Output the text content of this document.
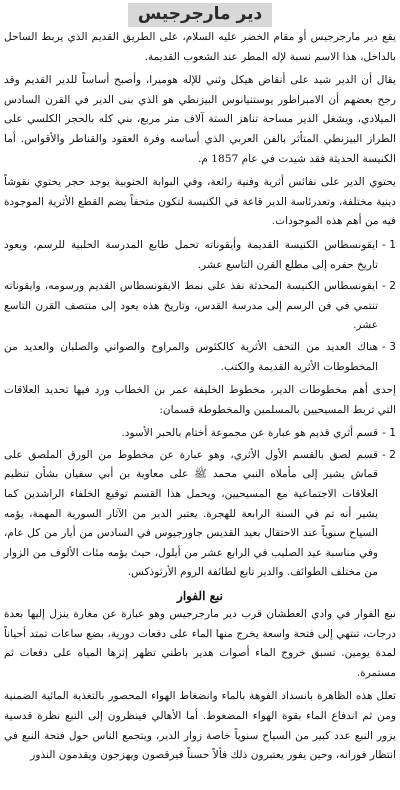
دير مارجرجيس

يقع دير مارجرجيس أو مقام الخضر عليه السلام، على الطريق القديم الذي يربط الساحل بالداخل، هذا الاسم نسبة لإله المطر عند الشعوب القديمة.

يقال أن الدير شيد على أنقاض هيكل وثني للإله هوميرا، وأصبح أساساً للدير القديم وقد رجح بعضهم أن الامبراطور يوستنيانوس البيزنطي هو الذي بنى الدير في القرن السادس الميلادي، ويشغل الدير مساحة تناهز الستة آلاف متر مربع، بني كله بالحجر الكلسي على الطراز البيزنطي المتأثر بالفن العربي الذي أساسه وفرة العقود والقناطر والأقواس. أما الكنيسة الحديثة فقد شيدت في عام 1857 م.

يحتوي الدير على نفائس أثرية وفنية رائعة، وفي البوابة الجنوبية يوجد حجر يحتوي نقوشاً دينية مختلفة، وتعدرئاسة الدير قاعة في الكنيسة لتكون متحفاً يضم القطع الأثرية الموجودة فيه من أهم هذه الموجودات.

1 -
ايقونسطاس الكنيسة القديمة وأيقوناته تحمل طابع المدرسة الحلبية للرسم، ويعود تاريخ حفره إلى مطلع القرن التاسع عشر.
2 -
ايقونسطاس الكنيسة المحدثة نفذ على نمط الايقونسطاس القديم ورسومه، وايقوناته تنتمي في فن الرسم إلى مدرسة القدس، وتاريخ هذه يعود إلى منتصف القرن التاسع عشر.
3 -
هناك العديد من التحف الأثرية كالكئوس والمراوح والصواني والصلبان والعديد من المخطوطات الأثرية القديمة والكتب.

إحدى أهم مخطوطات الدير، مخطوط الخليفة عمر بن الخطاب ورد فيها تحديد العلاقات التي تربط المسيحيين بالمسلمين والمخطوطة قسمان:

1 -
قسم أثري قديم هو عبارة عن مجموعة أختام بالحبر الأسود.
2 -
قسم لصق بالقسم الأول الأثري، وهو عبارة عن مخطوط من الورق الملصق على قماش يشير إلى مأملاه النبي محمد ﷺ على معاوية بن أبي سفيان بشأن تنظيم العلاقات الاجتماعية مع المسيحيين، ويحمل هذا القسم توقيع الخلفاء الراشدين كما يشير أنه تم في السنة الرابعة للهجرة. يعتبر الدير من الآثار السورية المهمة، يؤمه السياح سنوياً عند الاحتفال بعيد القديس جاورجيوس في السادس من أيار من كل عام، وفي مناسبة عيد الصليب في الرابع عشر من أيلول، حيث يؤمه مئات الألوف من الزوار من مختلف الطوائف. والدير تابع لطائفة الروم الأرثوذكس.
نبع الفوار

نبع الفوار في وادي العطشان قرب دير مارجرجيس وهو عبارة عن مغارة ينزل إليها بعدة درجات، تنتهي إلى فتحة واسعة يخرج منها الماء على دفعات دورية، بضع ساعات تمتد أحياناً لمدة يومين. تسبق خروج الماء أصوات هدير باطني تظهر إثرها المياه على دفعات ثم مستمرة.

تعلل هذه الظاهرة بانسداد الفوهة بالماء وانضغاط الهواء المحصور بالتغذية المائية الضمنية ومن ثم اندفاع الماء بقوة الهواء المضغوط. أما الأهالي فينظرون إلى النبع نظرة قدسية يزور النبع عدد كبير من السياح سنوياً خاصة زوار الدير، ويتجمع الناس حول فتحة النبع في انتظار فورانه، وحين يفور يعتبرون ذلك فألاً حسناً فيرقصون ويهزجون ويقدمون النذور
